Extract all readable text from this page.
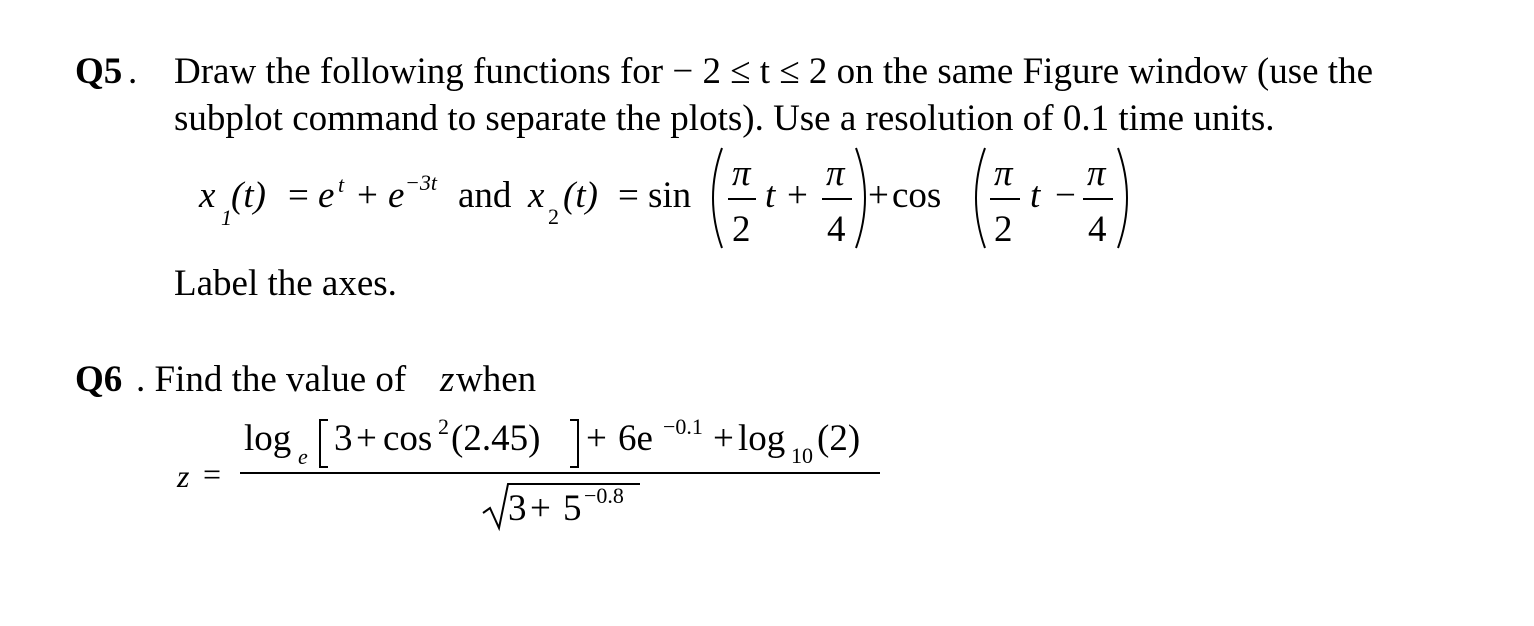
Q5 . Draw the following functions for − 2 ≤ t ≤ 2 on the same Figure window (use the
subplot command to separate the plots). Use a resolution of 0.1 time units.
x
1
(t) = e t + e −3t and x
2
(t) = sin
π
2
t +
π
4
+ cos
π
2
t −
π
4
Label the axes.
Q6 . Find the value of z when
z =
log e 3 + cos 2 (2.45) + 6e −0.1 + log 10 (2)
3 + 5 −0.8
